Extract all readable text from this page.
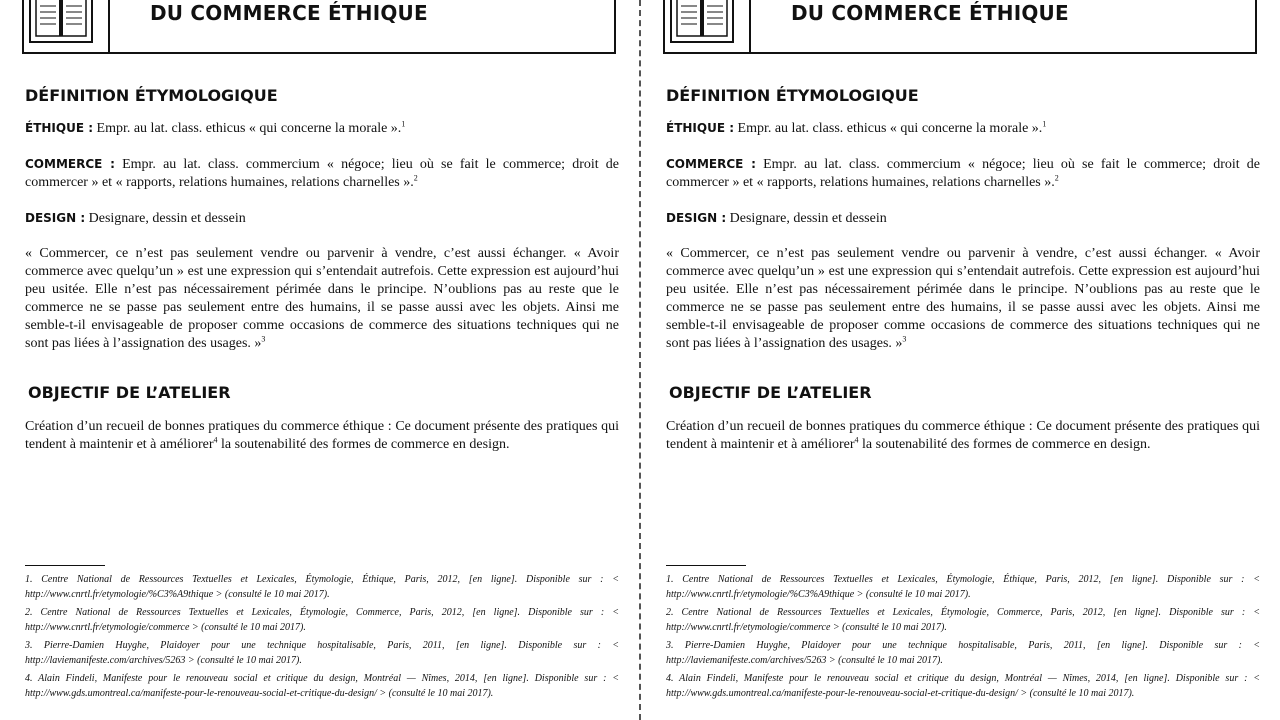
DU COMMERCE ÉTHIQUE
DÉFINITION ÉTYMOLOGIQUE

ÉTHIQUE : Empr. au lat. class. ethicus « qui concerne la morale ».$^1$

COMMERCE : Empr. au lat. class. commercium « négoce; lieu où se fait le commerce; droit de commercer » et « rapports, relations humaines, relations charnelles ».$^2$

DESIGN : Designare, dessin et dessein

« Commercer, ce n’est pas seulement vendre ou parvenir à vendre, c’est aussi échanger. « Avoir commerce avec quelqu’un » est une expression qui s’entendait autrefois. Cette expression est aujourd’hui peu usitée. Elle n’est pas nécessairement périmée dans le principe. N’oublions pas au reste que le commerce ne se passe pas seulement entre des humains, il se passe aussi avec les objets. Ainsi me semble-t-il envisageable de proposer comme occasions de commerce des situations techniques qui ne sont pas liées à l’assignation des usages. »$^3$

OBJECTIF DE L’ATELIER

Création d’un recueil de bonnes pratiques du commerce éthique : Ce document présente des pratiques qui tendent à maintenir et à améliorer$^4$ la soutenabilité des formes de commerce en design.

1. Centre National de Ressources Textuelles et Lexicales, Étymologie, Éthique, Paris, 2012, [en ligne]. Disponible sur : < http://www.cnrtl.fr/etymologie/%C3%A9thique > (consulté le 10 mai 2017).

2. Centre National de Ressources Textuelles et Lexicales, Étymologie, Commerce, Paris, 2012, [en ligne]. Disponible sur : < http://www.cnrtl.fr/etymologie/commerce > (consulté le 10 mai 2017).

3. Pierre-Damien Huyghe, Plaidoyer pour une technique hospitalisable, Paris, 2011, [en ligne]. Disponible sur : < http://laviemanifeste.com/archives/5263 > (consulté le 10 mai 2017).

4. Alain Findeli, Manifeste pour le renouveau social et critique du design, Montréal — Nîmes, 2014, [en ligne]. Disponible sur : < http://www.gds.umontreal.ca/manifeste-pour-le-renouveau-social-et-critique-du-design/ > (consulté le 10 mai 2017).

DU COMMERCE ÉTHIQUE
DÉFINITION ÉTYMOLOGIQUE

ÉTHIQUE : Empr. au lat. class. ethicus « qui concerne la morale ».$^1$

COMMERCE : Empr. au lat. class. commercium « négoce; lieu où se fait le commerce; droit de commercer » et « rapports, relations humaines, relations charnelles ».$^2$

DESIGN : Designare, dessin et dessein

« Commercer, ce n’est pas seulement vendre ou parvenir à vendre, c’est aussi échanger. « Avoir commerce avec quelqu’un » est une expression qui s’entendait autrefois. Cette expression est aujourd’hui peu usitée. Elle n’est pas nécessairement périmée dans le principe. N’oublions pas au reste que le commerce ne se passe pas seulement entre des humains, il se passe aussi avec les objets. Ainsi me semble-t-il envisageable de proposer comme occasions de commerce des situations techniques qui ne sont pas liées à l’assignation des usages. »$^3$

OBJECTIF DE L’ATELIER

Création d’un recueil de bonnes pratiques du commerce éthique : Ce document présente des pratiques qui tendent à maintenir et à améliorer$^4$ la soutenabilité des formes de commerce en design.

1. Centre National de Ressources Textuelles et Lexicales, Étymologie, Éthique, Paris, 2012, [en ligne]. Disponible sur : < http://www.cnrtl.fr/etymologie/%C3%A9thique > (consulté le 10 mai 2017).

2. Centre National de Ressources Textuelles et Lexicales, Étymologie, Commerce, Paris, 2012, [en ligne]. Disponible sur : < http://www.cnrtl.fr/etymologie/commerce > (consulté le 10 mai 2017).

3. Pierre-Damien Huyghe, Plaidoyer pour une technique hospitalisable, Paris, 2011, [en ligne]. Disponible sur : < http://laviemanifeste.com/archives/5263 > (consulté le 10 mai 2017).

4. Alain Findeli, Manifeste pour le renouveau social et critique du design, Montréal — Nîmes, 2014, [en ligne]. Disponible sur : < http://www.gds.umontreal.ca/manifeste-pour-le-renouveau-social-et-critique-du-design/ > (consulté le 10 mai 2017).
